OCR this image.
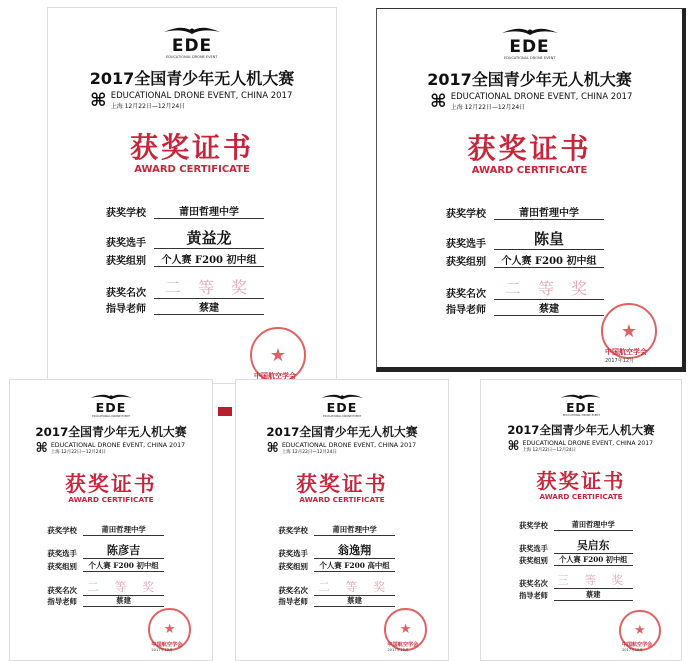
EDE
EDUCATIONAL DRONE EVENT
2017全国青少年无人机大赛
⌘ EDUCATIONAL DRONE EVENT, CHINA 2017
上海 12月22日—12月24日
获奖证书
AWARD CERTIFICATE
获奖学校	莆田哲理中学
获奖选手	黄益龙
获奖组别	个人赛 F200 初中组
获奖名次	二 等 奖
指导老师	蔡建
★
中国航空学会
EDE
EDUCATIONAL DRONE EVENT
2017全国青少年无人机大赛
⌘ EDUCATIONAL DRONE EVENT, CHINA 2017
上海 12月22日—12月24日
获奖证书
AWARD CERTIFICATE
获奖学校	莆田哲理中学
获奖选手	陈皇
获奖组别	个人赛 F200 初中组
获奖名次	二 等 奖
指导老师	蔡建
★
中国航空学会
2017年12月
EDE
EDUCATIONAL DRONE EVENT
2017全国青少年无人机大赛
⌘ EDUCATIONAL DRONE EVENT, CHINA 2017
上海 12月22日—12月24日
获奖证书
AWARD CERTIFICATE
获奖学校	莆田哲理中学
获奖选手	陈彦吉
获奖组别	个人赛 F200 初中组
获奖名次 二 等 奖
指导老师	蔡建
★
中国航空学会
2017年12月
EDE
EDUCATIONAL DRONE EVENT
2017全国青少年无人机大赛
⌘ EDUCATIONAL DRONE EVENT, CHINA 2017
上海 12月22日—12月24日
获奖证书
AWARD CERTIFICATE
获奖学校	莆田哲理中学
获奖选手	翁逸翔
获奖组别	个人赛 F200 高中组
获奖名次 二 等 奖
指导老师	蔡建
★
中国航空学会
2017年12月
EDE
EDUCATIONAL DRONE EVENT
2017全国青少年无人机大赛
⌘ EDUCATIONAL DRONE EVENT, CHINA 2017
上海 12月22日—12月24日
获奖证书
AWARD CERTIFICATE
获奖学校	莆田哲理中学
获奖选手	吴启东
获奖组别	个人赛 F200 初中组
获奖名次 三 等 奖
指导老师	蔡建
★
中国航空学会
2017年12月
